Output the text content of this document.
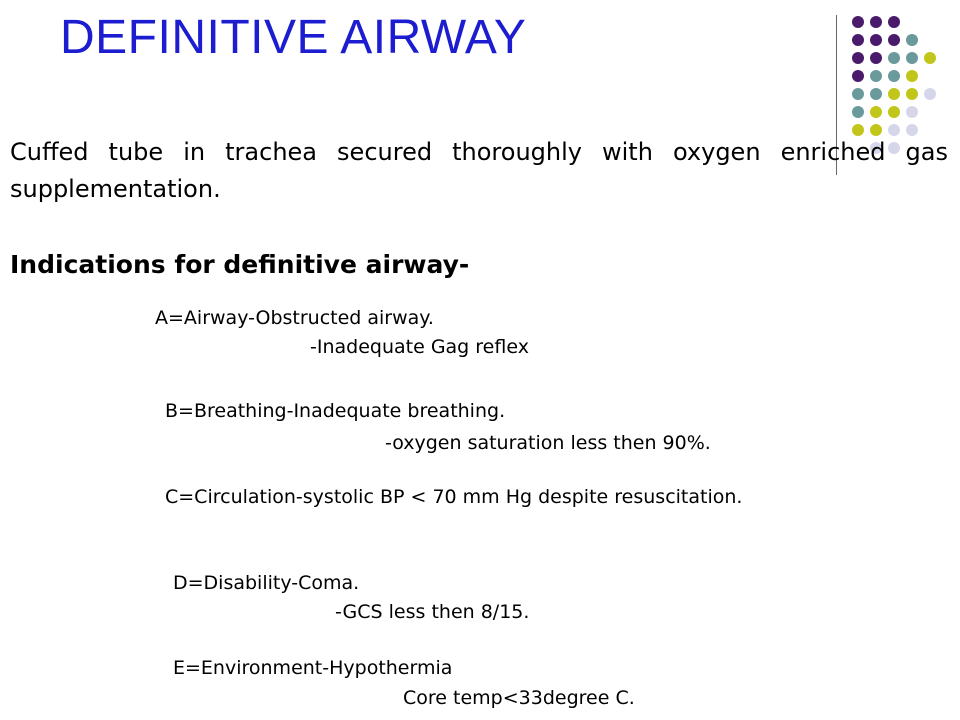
DEFINITIVE AIRWAY
Cuffed tube in trachea secured thoroughly with oxygen enriched gas supplementation.
Indications for definitive airway-
A=Airway-Obstructed airway.
-Inadequate Gag reflex
B=Breathing-Inadequate breathing.
-oxygen saturation less then 90%.
C=Circulation-systolic BP < 70 mm Hg despite resuscitation.
D=Disability-Coma.
-GCS less then 8/15.
E=Environment-Hypothermia
Core temp<33degree C.
